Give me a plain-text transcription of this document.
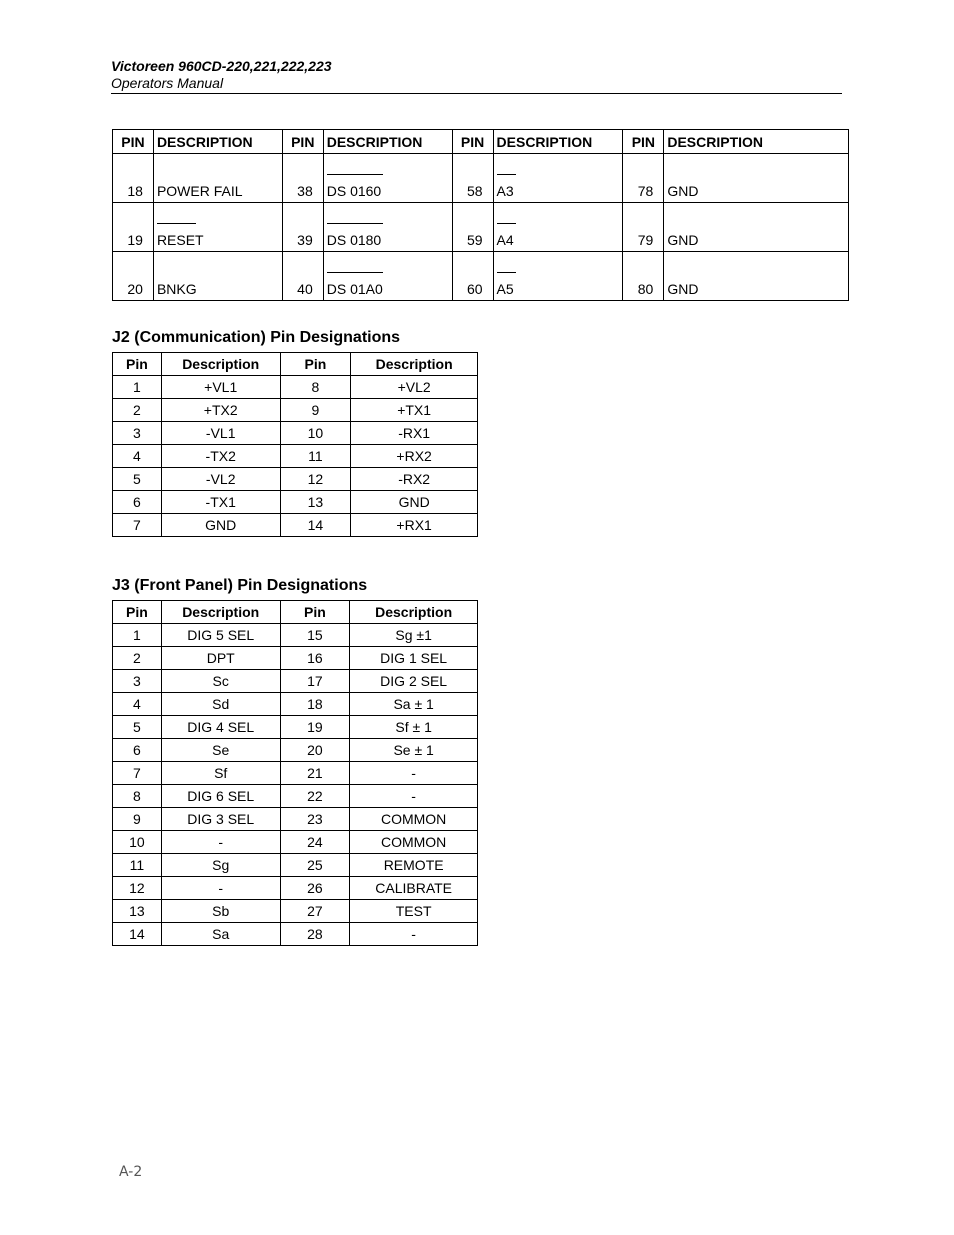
Victoreen 960CD-220,221,222,223
Operators Manual
PIN	DESCRIPTION	PIN	DESCRIPTION	PIN	DESCRIPTION	PIN	DESCRIPTION
18	POWER FAIL	38	DS 0160	58	A3	78	GND
19	RESET	39	DS 0180	59	A4	79	GND
20	BNKG	40	DS 01A0	60	A5	80	GND
J2 (Communication) Pin Designations
Pin	Description	Pin	Description
1	+VL1	8	+VL2
2	+TX2	9	+TX1
3	-VL1	10	-RX1
4	-TX2	11	+RX2
5	-VL2	12	-RX2
6	-TX1	13	GND
7	GND	14	+RX1
J3 (Front Panel) Pin Designations
Pin	Description	Pin	Description
1	DIG 5 SEL	15	Sg ±1
2	DPT	16	DIG 1 SEL
3	Sc	17	DIG 2 SEL
4	Sd	18	Sa ± 1
5	DIG 4 SEL	19	Sf ± 1
6	Se	20	Se ± 1
7	Sf	21	-
8	DIG 6 SEL	22	-
9	DIG 3 SEL	23	COMMON
10	-	24	COMMON
11	Sg	25	REMOTE
12	-	26	CALIBRATE
13	Sb	27	TEST
14	Sa	28	-
A-2
